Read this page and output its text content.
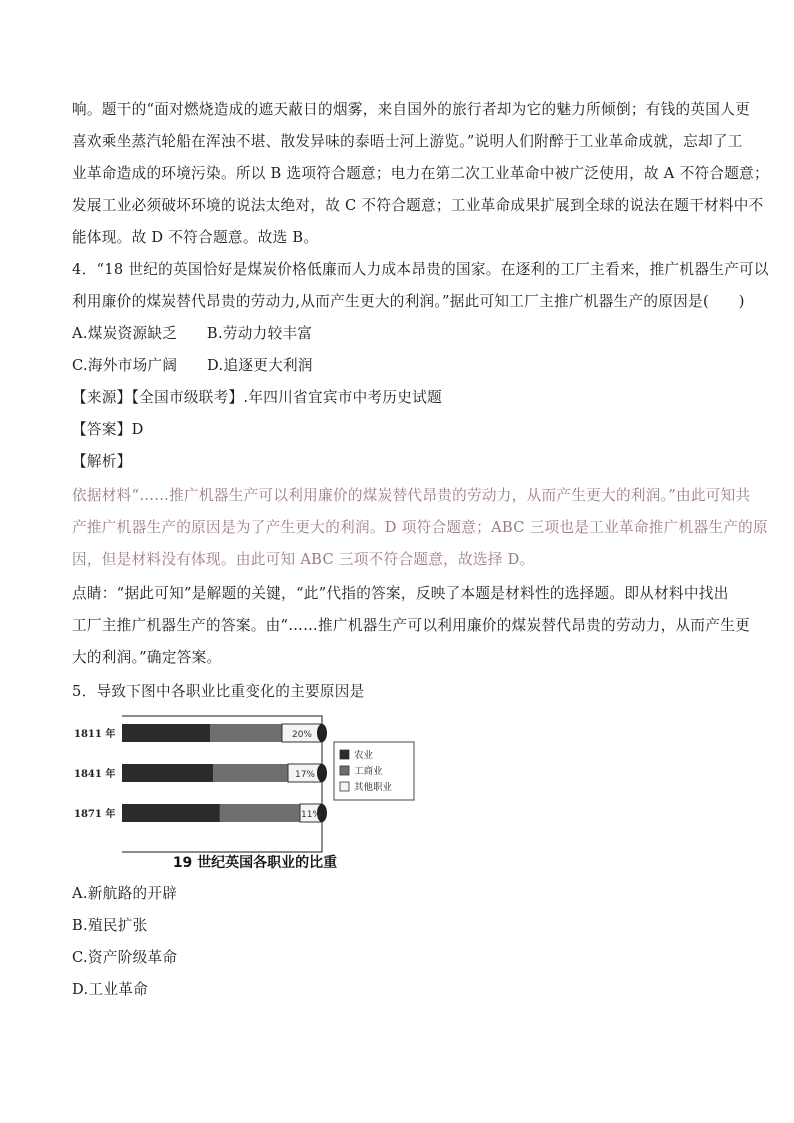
响。题干的“面对燃烧造成的遮天蔽日的烟雾，来自国外的旅行者却为它的魅力所倾倒；有钱的英国人更
喜欢乘坐蒸汽轮船在浑浊不堪、散发异味的泰晤士河上游览。”说明人们附醉于工业革命成就，忘却了工
业革命造成的环境污染。所以 B 选项符合题意；电力在第二次工业革命中被广泛使用，故 A 不符合题意；
发展工业必须破坏环境的说法太绝对，故 C 不符合题意；工业革命成果扩展到全球的说法在题干材料中不
能体现。故 D 不符合题意。故选 B。
4．“18 世纪的英国恰好是煤炭价格低廉而人力成本昂贵的国家。在逐利的工厂主看来，推广机器生产可以
利用廉价的煤炭替代昂贵的劳动力,从而产生更大的利润。”据此可知工厂主推广机器生产的原因是(　　)
A.煤炭资源缺乏　　B.劳动力较丰富
C.海外市场广阔　　D.追逐更大利润
【来源】【全国市级联考】.年四川省宜宾市中考历史试题
【答案】D
【解析】
依据材料“……推广机器生产可以利用廉价的煤炭替代昂贵的劳动力，从而产生更大的利润。”由此可知共
产推广机器生产的原因是为了产生更大的利润。D 项符合题意；ABC 三项也是工业革命推广机器生产的原
因，但是材料没有体现。由此可知 ABC 三项不符合题意，故选择 D。
点睛：“据此可知”是解题的关键，“此”代指的答案，反映了本题是材料性的选择题。即从材料中找出
工厂主推广机器生产的答案。由“……推广机器生产可以利用廉价的煤炭替代昂贵的劳动力，从而产生更
大的利润。”确定答案。
5．导致下图中各职业比重变化的主要原因是
1811 年	20%
1841 年	17%
1871 年	11%
农业
工商业
其他职业
19 世纪英国各职业的比重
A.新航路的开辟
B.殖民扩张
C.资产阶级革命
D.工业革命
